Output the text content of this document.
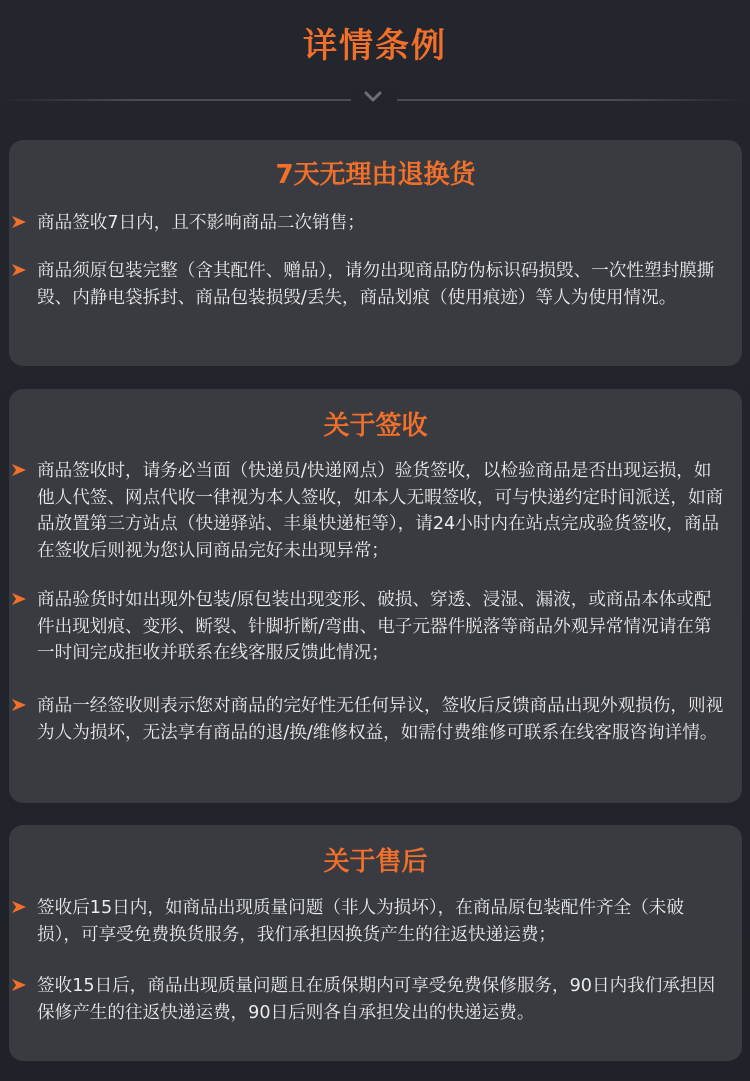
详情条例
7天无理由退换货
商品签收7日内，且不影响商品二次销售；
商品须原包装完整（含其配件、赠品），请勿出现商品防伪标识码损毁、一次性塑封膜撕毁、内静电袋拆封、商品包装损毁/丢失，商品划痕（使用痕迹）等人为使用情况。
关于签收
商品签收时，请务必当面（快递员/快递网点）验货签收，以检验商品是否出现运损，如他人代签、网点代收一律视为本人签收，如本人无暇签收，可与快递约定时间派送，如商品放置第三方站点（快递驿站、丰巢快递柜等），请24小时内在站点完成验货签收，商品在签收后则视为您认同商品完好未出现异常；
商品验货时如出现外包装/原包装出现变形、破损、穿透、浸湿、漏液，或商品本体或配件出现划痕、变形、断裂、针脚折断/弯曲、电子元器件脱落等商品外观异常情况请在第一时间完成拒收并联系在线客服反馈此情况；
商品一经签收则表示您对商品的完好性无任何异议，签收后反馈商品出现外观损伤，则视为人为损坏，无法享有商品的退/换/维修权益，如需付费维修可联系在线客服咨询详情。
关于售后
签收后15日内，如商品出现质量问题（非人为损坏），在商品原包装配件齐全（未破损），可享受免费换货服务，我们承担因换货产生的往返快递运费；
签收15日后，商品出现质量问题且在质保期内可享受免费保修服务，90日内我们承担因保修产生的往返快递运费，90日后则各自承担发出的快递运费。
